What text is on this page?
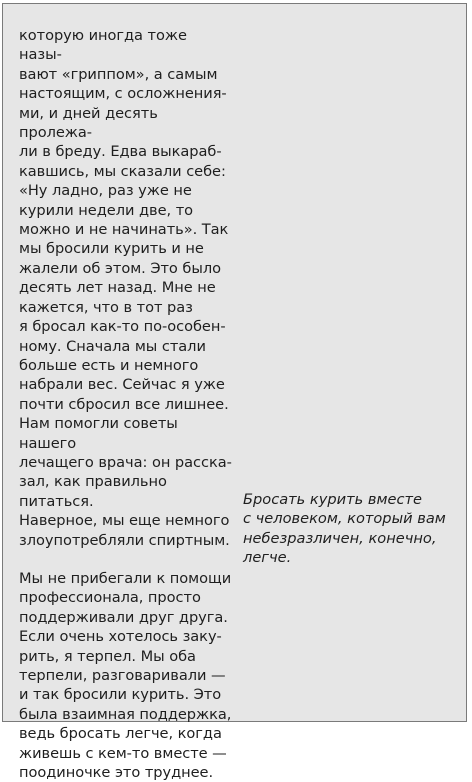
которую иногда тоже назы-
вают «гриппом», а самым
настоящим, с осложнения-
ми, и дней десять пролежа-
ли в бреду. Едва выкараб-
кавшись, мы сказали себе:
«Ну ладно, раз уже не
курили недели две, то
можно и не начинать». Так
мы бросили курить и не
жалели об этом. Это было
десять лет назад. Мне не
кажется, что в тот раз
я бросал как-то по-особен-
ному. Сначала мы стали
больше есть и немного
набрали вес. Сейчас я уже
почти сбросил все лишнее.
Нам помогли советы нашего
лечащего врача: он расска-
зал, как правильно питаться.
Наверное, мы еще немного
злоупотребляли спиртным.

Мы не прибегали к помощи
профессионала, просто
поддерживали друг друга.
Если очень хотелось заку-
рить, я терпел. Мы оба
терпели, разговаривали —
и так бросили курить. Это
была взаимная поддержка,
ведь бросать легче, когда
живешь с кем-то вместе —
поодиночке это труднее.

Бросать курить вместе
с человеком, который вам
небезразличен, конечно,
легче.
